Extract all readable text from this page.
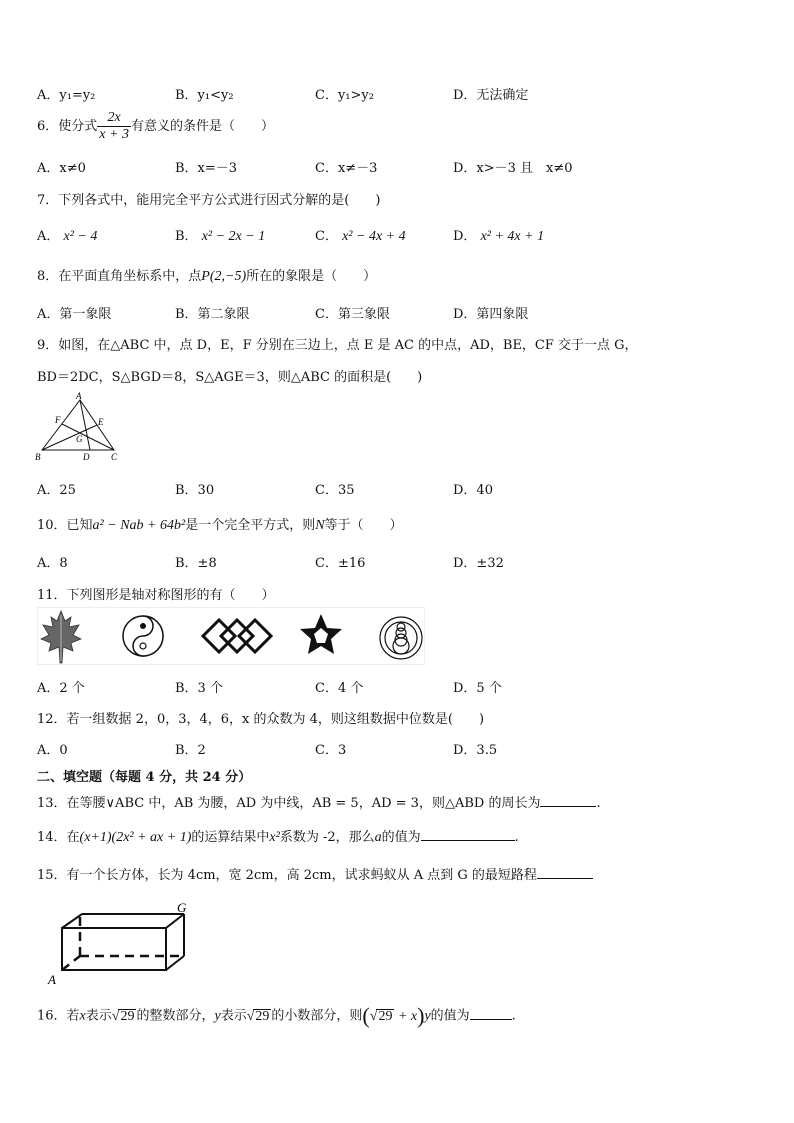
A．y₁=y₂	B．y₁<y₂	C．y₁>y₂	D．无法确定
6．使分式 $\frac{2x}{x + 3}$ 有意义的条件是（　　）
A．x≠0	B．x=－3	C．x≠－3	D．x>－3 且　x≠0
7．下列各式中，能用完全平方公式进行因式分解的是(　　)
A． x² − 4	B． x² − 2x − 1	C． x² − 4x + 4	D． x² + 4x + 1
8．在平面直角坐标系中，点P(2,−5)所在的象限是（　　）
A．第一象限	B．第二象限	C．第三象限	D．第四象限
9．如图，在△ABC 中，点 D，E，F 分别在三边上，点 E 是 AC 的中点，AD，BE，CF 交于一点 G，
BD＝2DC，S△BGD＝8，S△AGE＝3，则△ABC 的面积是(　　)
A
B	C
D
E
F
G
A．25	B．30	C．35	D．40
10．已知a² − Nab + 64b²是一个完全平方式，则N等于（　　）
A．8	B．±8	C．±16	D．±32
11．下列图形是轴对称图形的有（　　）
A．2 个	B．3 个	C．4 个	D．5 个
12．若一组数据 2，0，3，4，6，x 的众数为 4，则这组数据中位数是(　　)
A．0	B．2	C．3	D．3.5
二、填空题（每题 4 分，共 24 分）
13．在等腰∨ABC 中，AB 为腰，AD 为中线，AB = 5，AD = 3，则△ABD 的周长为	.
14．在(x+1)(2x² + ax + 1)的运算结果中x²系数为 -2，那么a的值为	.
15．有一个长方体，长为 4cm，宽 2cm，高 2cm，试求蚂蚁从 A 点到 G 的最短路程
A
G
16．若x表示√29 的整数部分，y表示√29 的小数部分，则(√29 + x)y的值为	.
